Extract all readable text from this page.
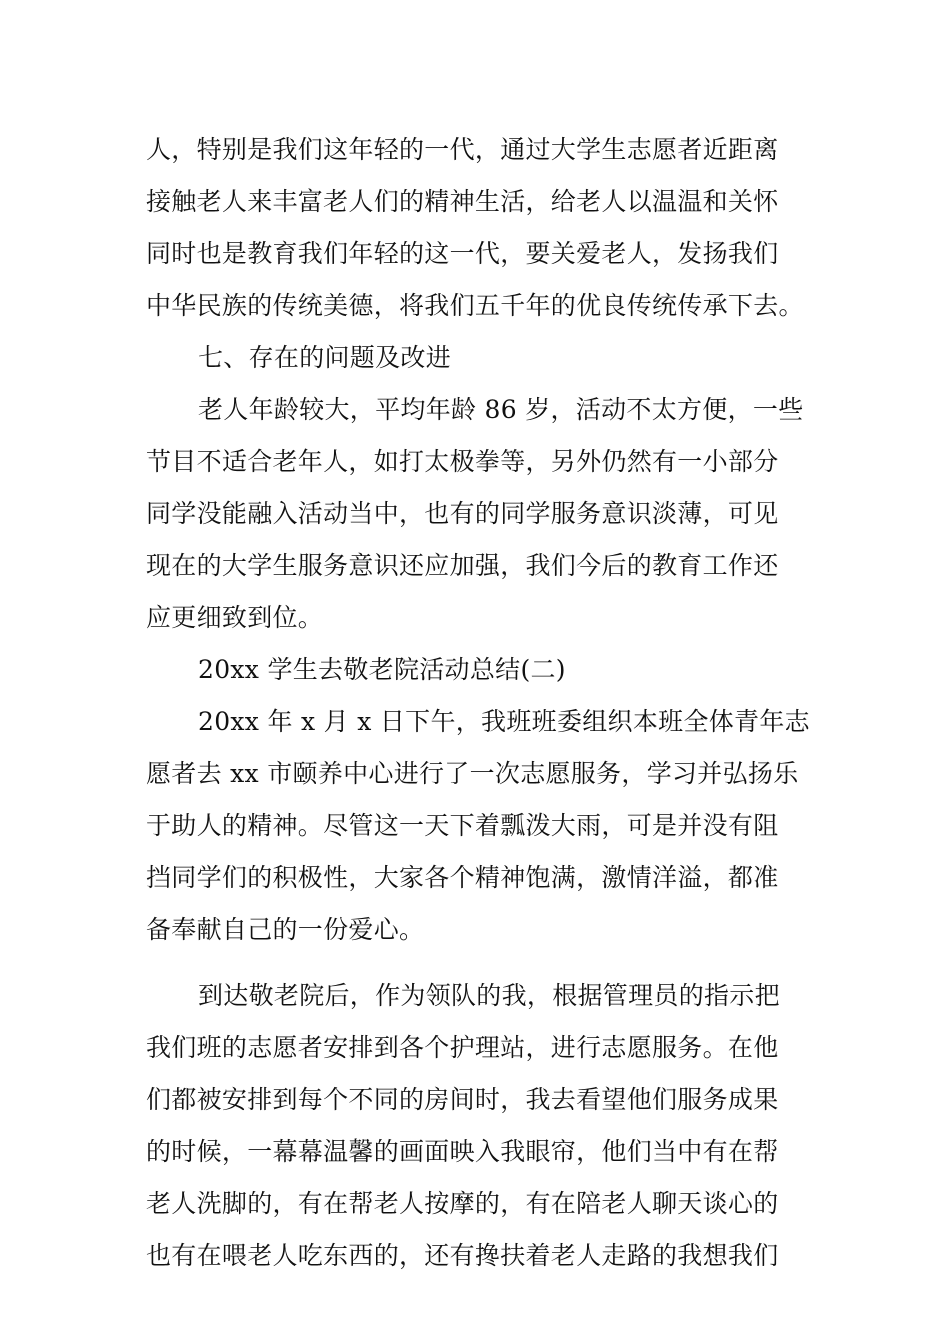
人，特别是我们这年轻的一代，通过大学生志愿者近距离
接触老人来丰富老人们的精神生活，给老人以温温和关怀
同时也是教育我们年轻的这一代，要关爱老人，发扬我们
中华民族的传统美德，将我们五千年的优良传统传承下去。
七、存在的问题及改进
老人年龄较大，平均年龄 86 岁，活动不太方便，一些
节目不适合老年人，如打太极拳等，另外仍然有一小部分
同学没能融入活动当中，也有的同学服务意识淡薄，可见
现在的大学生服务意识还应加强，我们今后的教育工作还
应更细致到位。
20xx 学生去敬老院活动总结(二)
20xx 年 x 月 x 日下午，我班班委组织本班全体青年志
愿者去 xx 市颐养中心进行了一次志愿服务，学习并弘扬乐
于助人的精神。尽管这一天下着瓢泼大雨，可是并没有阻
挡同学们的积极性，大家各个精神饱满，激情洋溢，都准
备奉献自己的一份爱心。
到达敬老院后，作为领队的我，根据管理员的指示把
我们班的志愿者安排到各个护理站，进行志愿服务。在他
们都被安排到每个不同的房间时，我去看望他们服务成果
的时候，一幕幕温馨的画面映入我眼帘，他们当中有在帮
老人洗脚的，有在帮老人按摩的，有在陪老人聊天谈心的
也有在喂老人吃东西的，还有搀扶着老人走路的我想我们
